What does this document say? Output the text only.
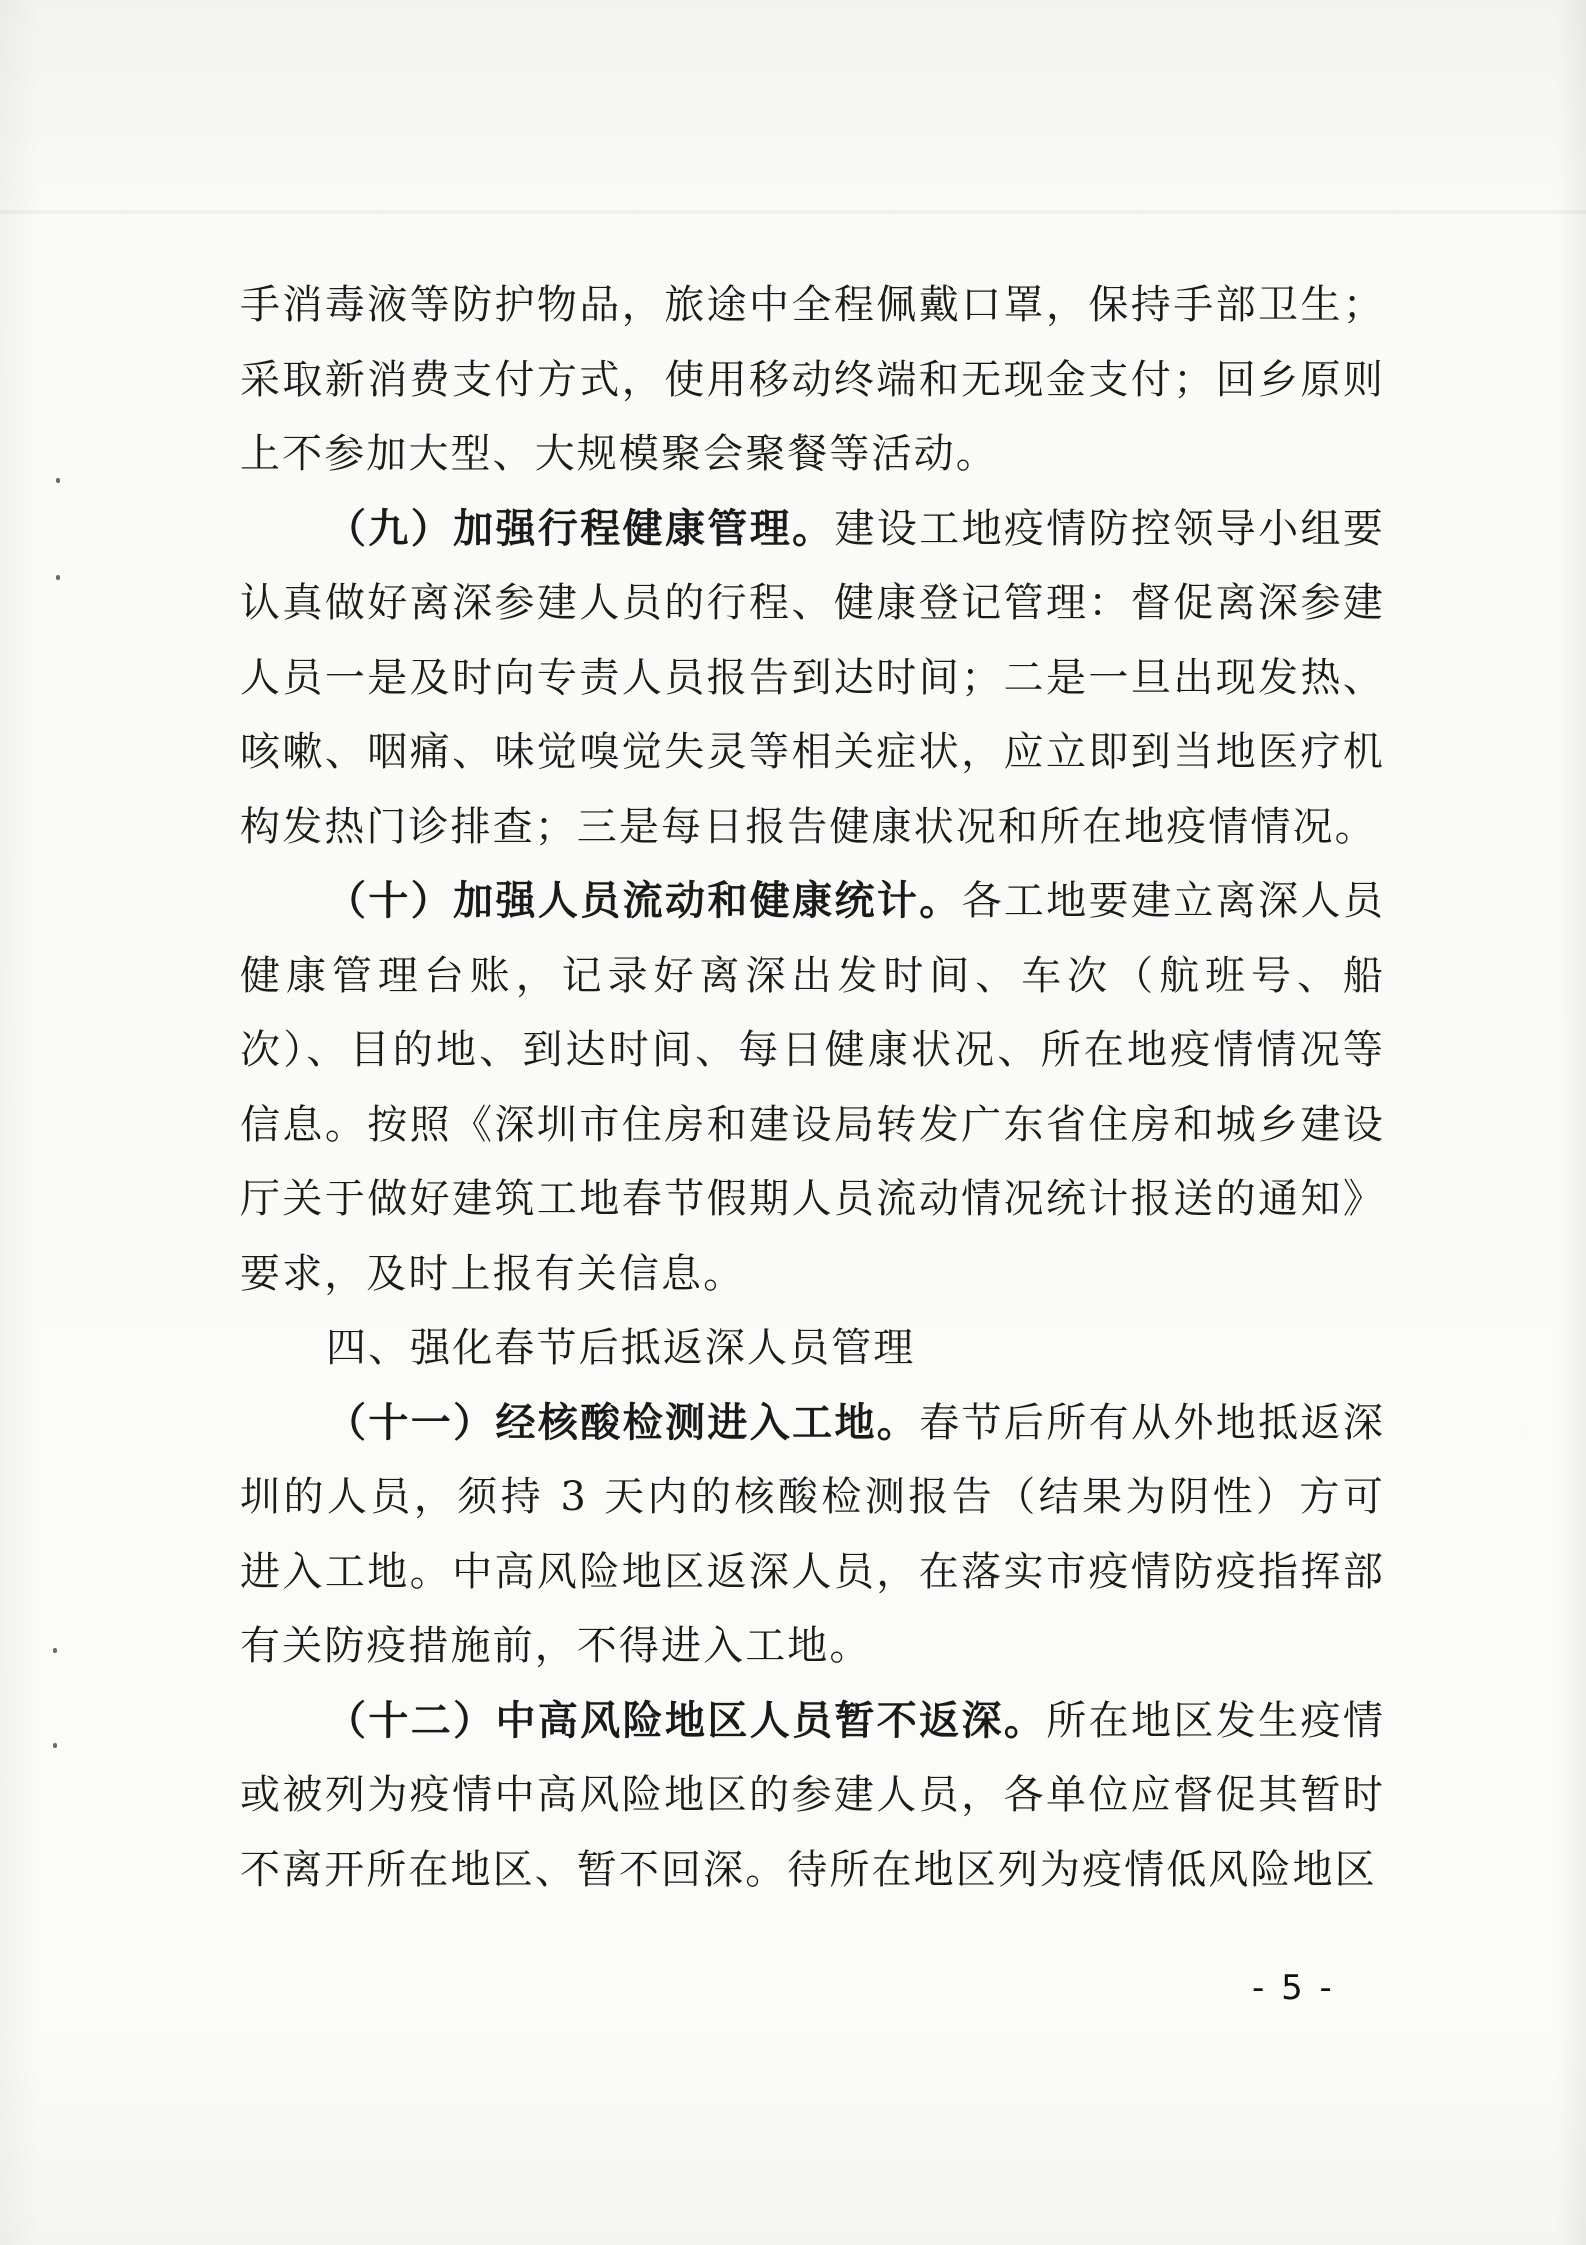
手消毒液等防护物品，旅途中全程佩戴口罩，保持手部卫生；采取新消费支付方式，使用移动终端和无现金支付；回乡原则上不参加大型、大规模聚会聚餐等活动。

（九）加强行程健康管理。建设工地疫情防控领导小组要认真做好离深参建人员的行程、健康登记管理：督促离深参建人员一是及时向专责人员报告到达时间；二是一旦出现发热、咳嗽、咽痛、味觉嗅觉失灵等相关症状，应立即到当地医疗机构发热门诊排查；三是每日报告健康状况和所在地疫情情况。

（十）加强人员流动和健康统计。各工地要建立离深人员健康管理台账，记录好离深出发时间、车次（航班号、船次）、目的地、到达时间、每日健康状况、所在地疫情情况等信息。按照《深圳市住房和建设局转发广东省住房和城乡建设厅关于做好建筑工地春节假期人员流动情况统计报送的通知》要求，及时上报有关信息。

四、强化春节后抵返深人员管理

（十一）经核酸检测进入工地。春节后所有从外地抵返深圳的人员，须持 3 天内的核酸检测报告（结果为阴性）方可进入工地。中高风险地区返深人员，在落实市疫情防疫指挥部有关防疫措施前，不得进入工地。

（十二）中高风险地区人员暂不返深。所在地区发生疫情或被列为疫情中高风险地区的参建人员，各单位应督促其暂时不离开所在地区、暂不回深。待所在地区列为疫情低风险地区

- 5 -
